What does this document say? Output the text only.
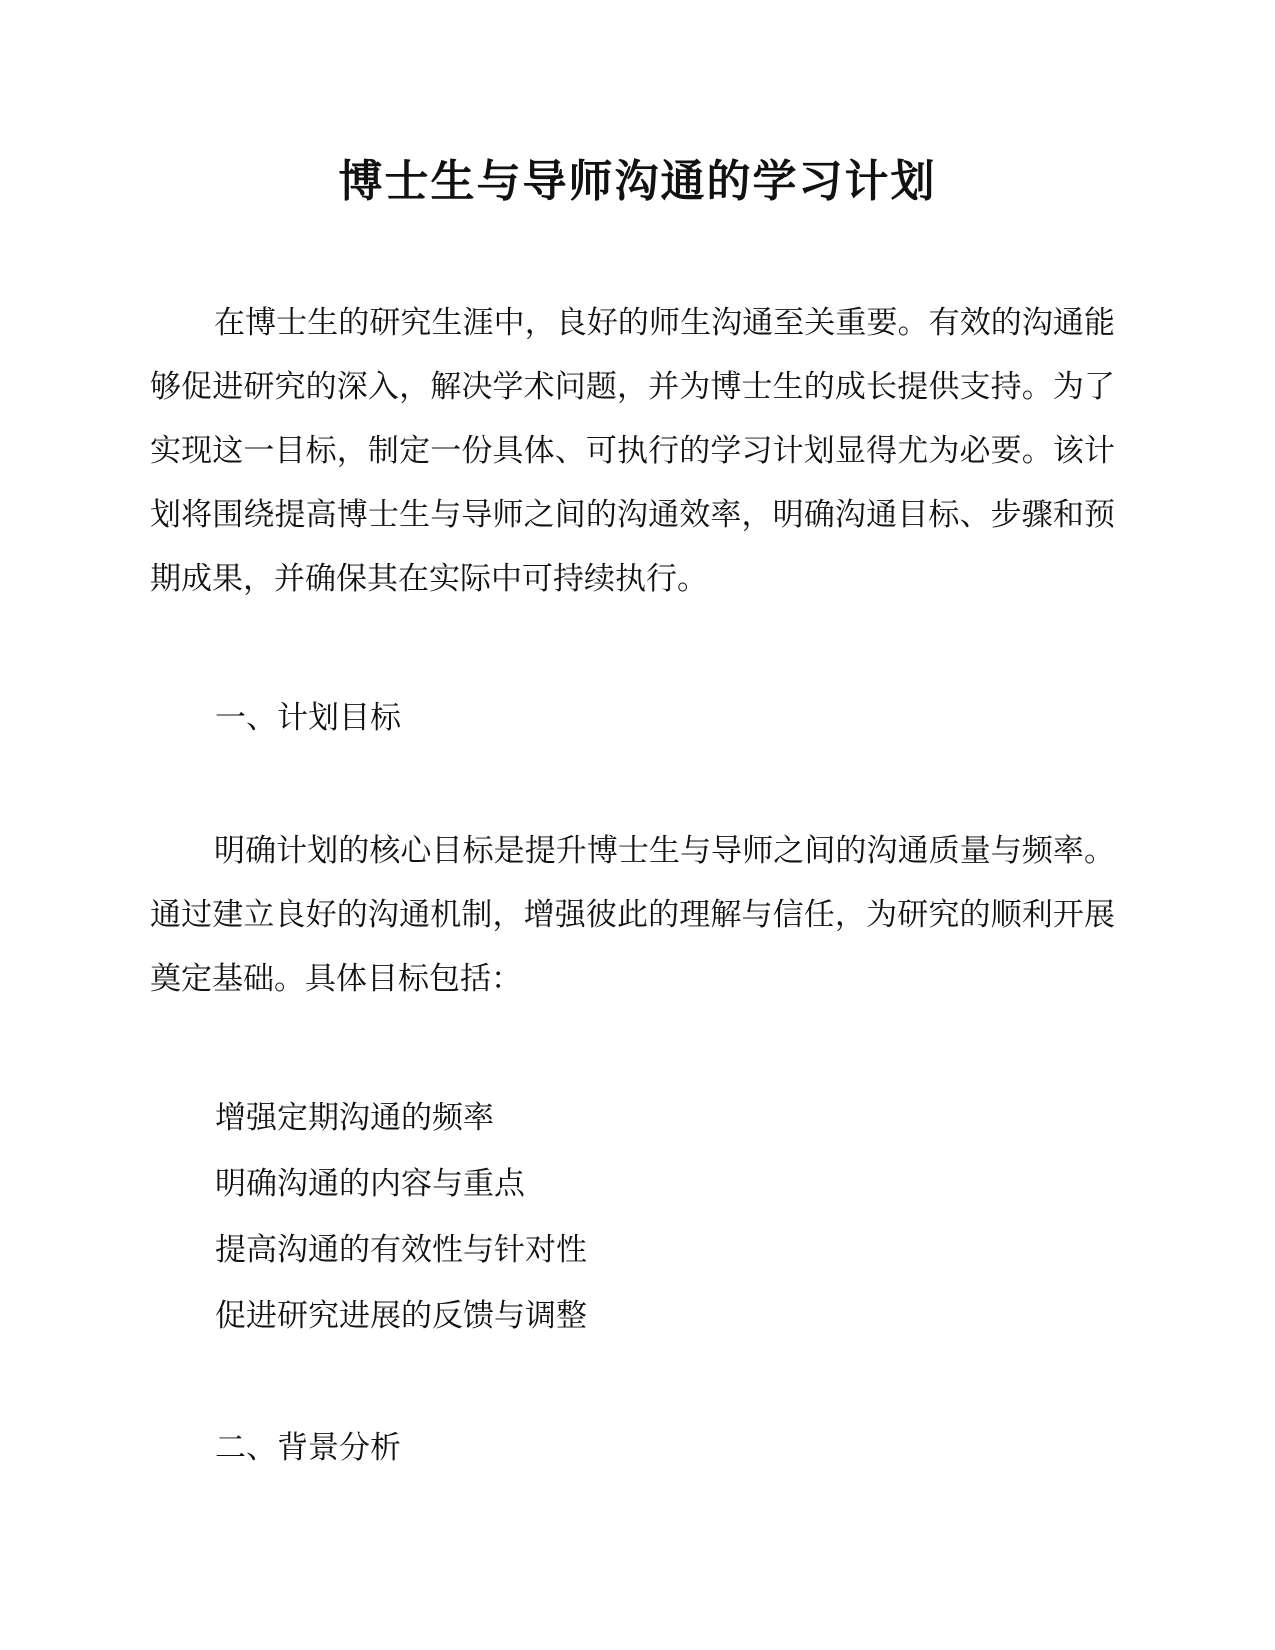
博士生与导师沟通的学习计划

在博士生的研究生涯中，良好的师生沟通至关重要。有效的沟通能够促进研究的深入，解决学术问题，并为博士生的成长提供支持。为了实现这一目标，制定一份具体、可执行的学习计划显得尤为必要。该计划将围绕提高博士生与导师之间的沟通效率，明确沟通目标、步骤和预期成果，并确保其在实际中可持续执行。

一、计划目标

明确计划的核心目标是提升博士生与导师之间的沟通质量与频率。通过建立良好的沟通机制，增强彼此的理解与信任，为研究的顺利开展奠定基础。具体目标包括：

增强定期沟通的频率
明确沟通的内容与重点
提高沟通的有效性与针对性
促进研究进展的反馈与调整
二、背景分析
